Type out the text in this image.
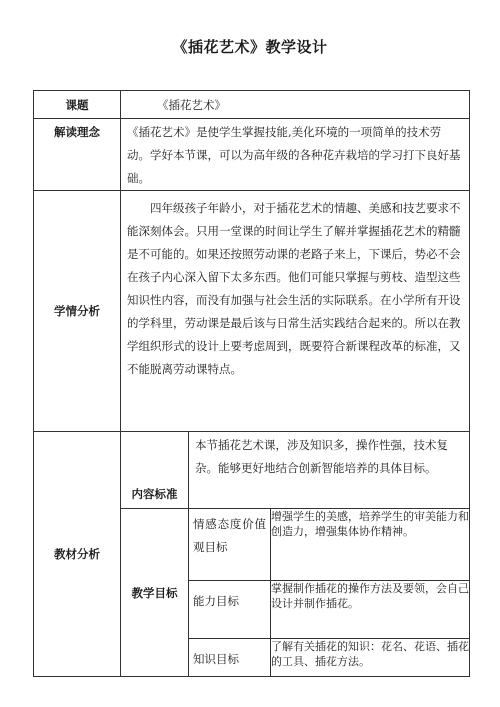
《插花艺术》教学设计
课题	《插花艺术》		
解读理念	《插花艺术》是使学生掌握技能,美化环境的一项简单的技术劳动。学好本节课，可以为高年级的各种花卉栽培的学习打下良好基础。		

学情分析	四年级孩子年龄小，对于插花艺术的情趣、美感和技艺要求不能深刻体会。只用一堂课的时间让学生了解并掌握插花艺术的精髓是不可能的。如果还按照劳动课的老路子来上，下课后，势必不会在孩子内心深入留下太多东西。他们可能只掌握与剪枝、造型这些知识性内容，而没有加强与社会生活的实际联系。在小学所有开设的学科里，劳动课是最后该与日常生活实践结合起来的。所以在教学组织形式的设计上要考虑周到，既要符合新课程改革的标准，又不能脱离劳动课特点。		

教材分析	内容标准	本节插花艺术课，涉及知识多，操作性强，技术复杂。能够更好地结合创新智能培养的具体目标。	

	教学目标	情感态度价值观目标	增强学生的美感，培养学生的审美能力和创造力，增强集体协作精神。
		能力目标	掌握制作插花的操作方法及要领，会自己设计并制作插花。
		知识目标	了解有关插花的知识：花名、花语、插花的工具、插花方法。
